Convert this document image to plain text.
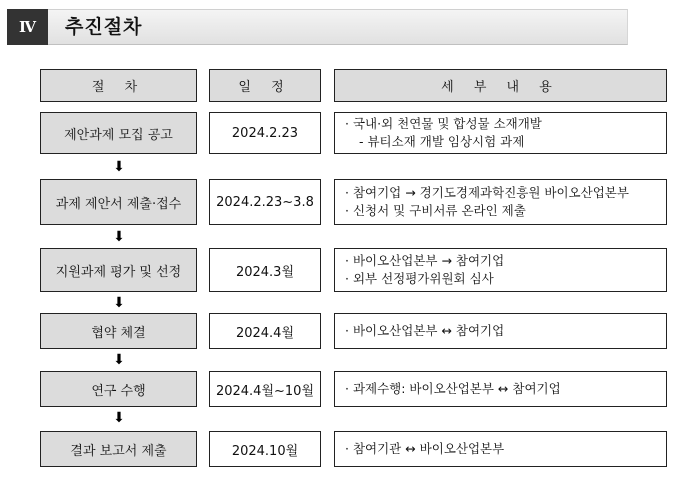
Ⅳ	추진절차
절 차	일 정	세 부 내 용
제안과제 모집 공고	2024.2.23
· 국내·외 천연물 및 합성물 소재개발
- 뷰티소재 개발 임상시험 과제
⬇
과제 제안서 제출·접수	2024.2.23~3.8
· 참여기업 → 경기도경제과학진흥원 바이오산업본부
· 신청서 및 구비서류 온라인 제출
⬇
지원과제 평가 및 선정	2024.3월
· 바이오산업본부 → 참여기업
· 외부 선정평가위원회 심사
⬇
협약 체결	2024.4월	· 바이오산업본부 ↔ 참여기업
⬇
연구 수행	2024.4월~10월	· 과제수행: 바이오산업본부 ↔ 참여기업
⬇
결과 보고서 제출	2024.10월	· 참여기관 ↔ 바이오산업본부
